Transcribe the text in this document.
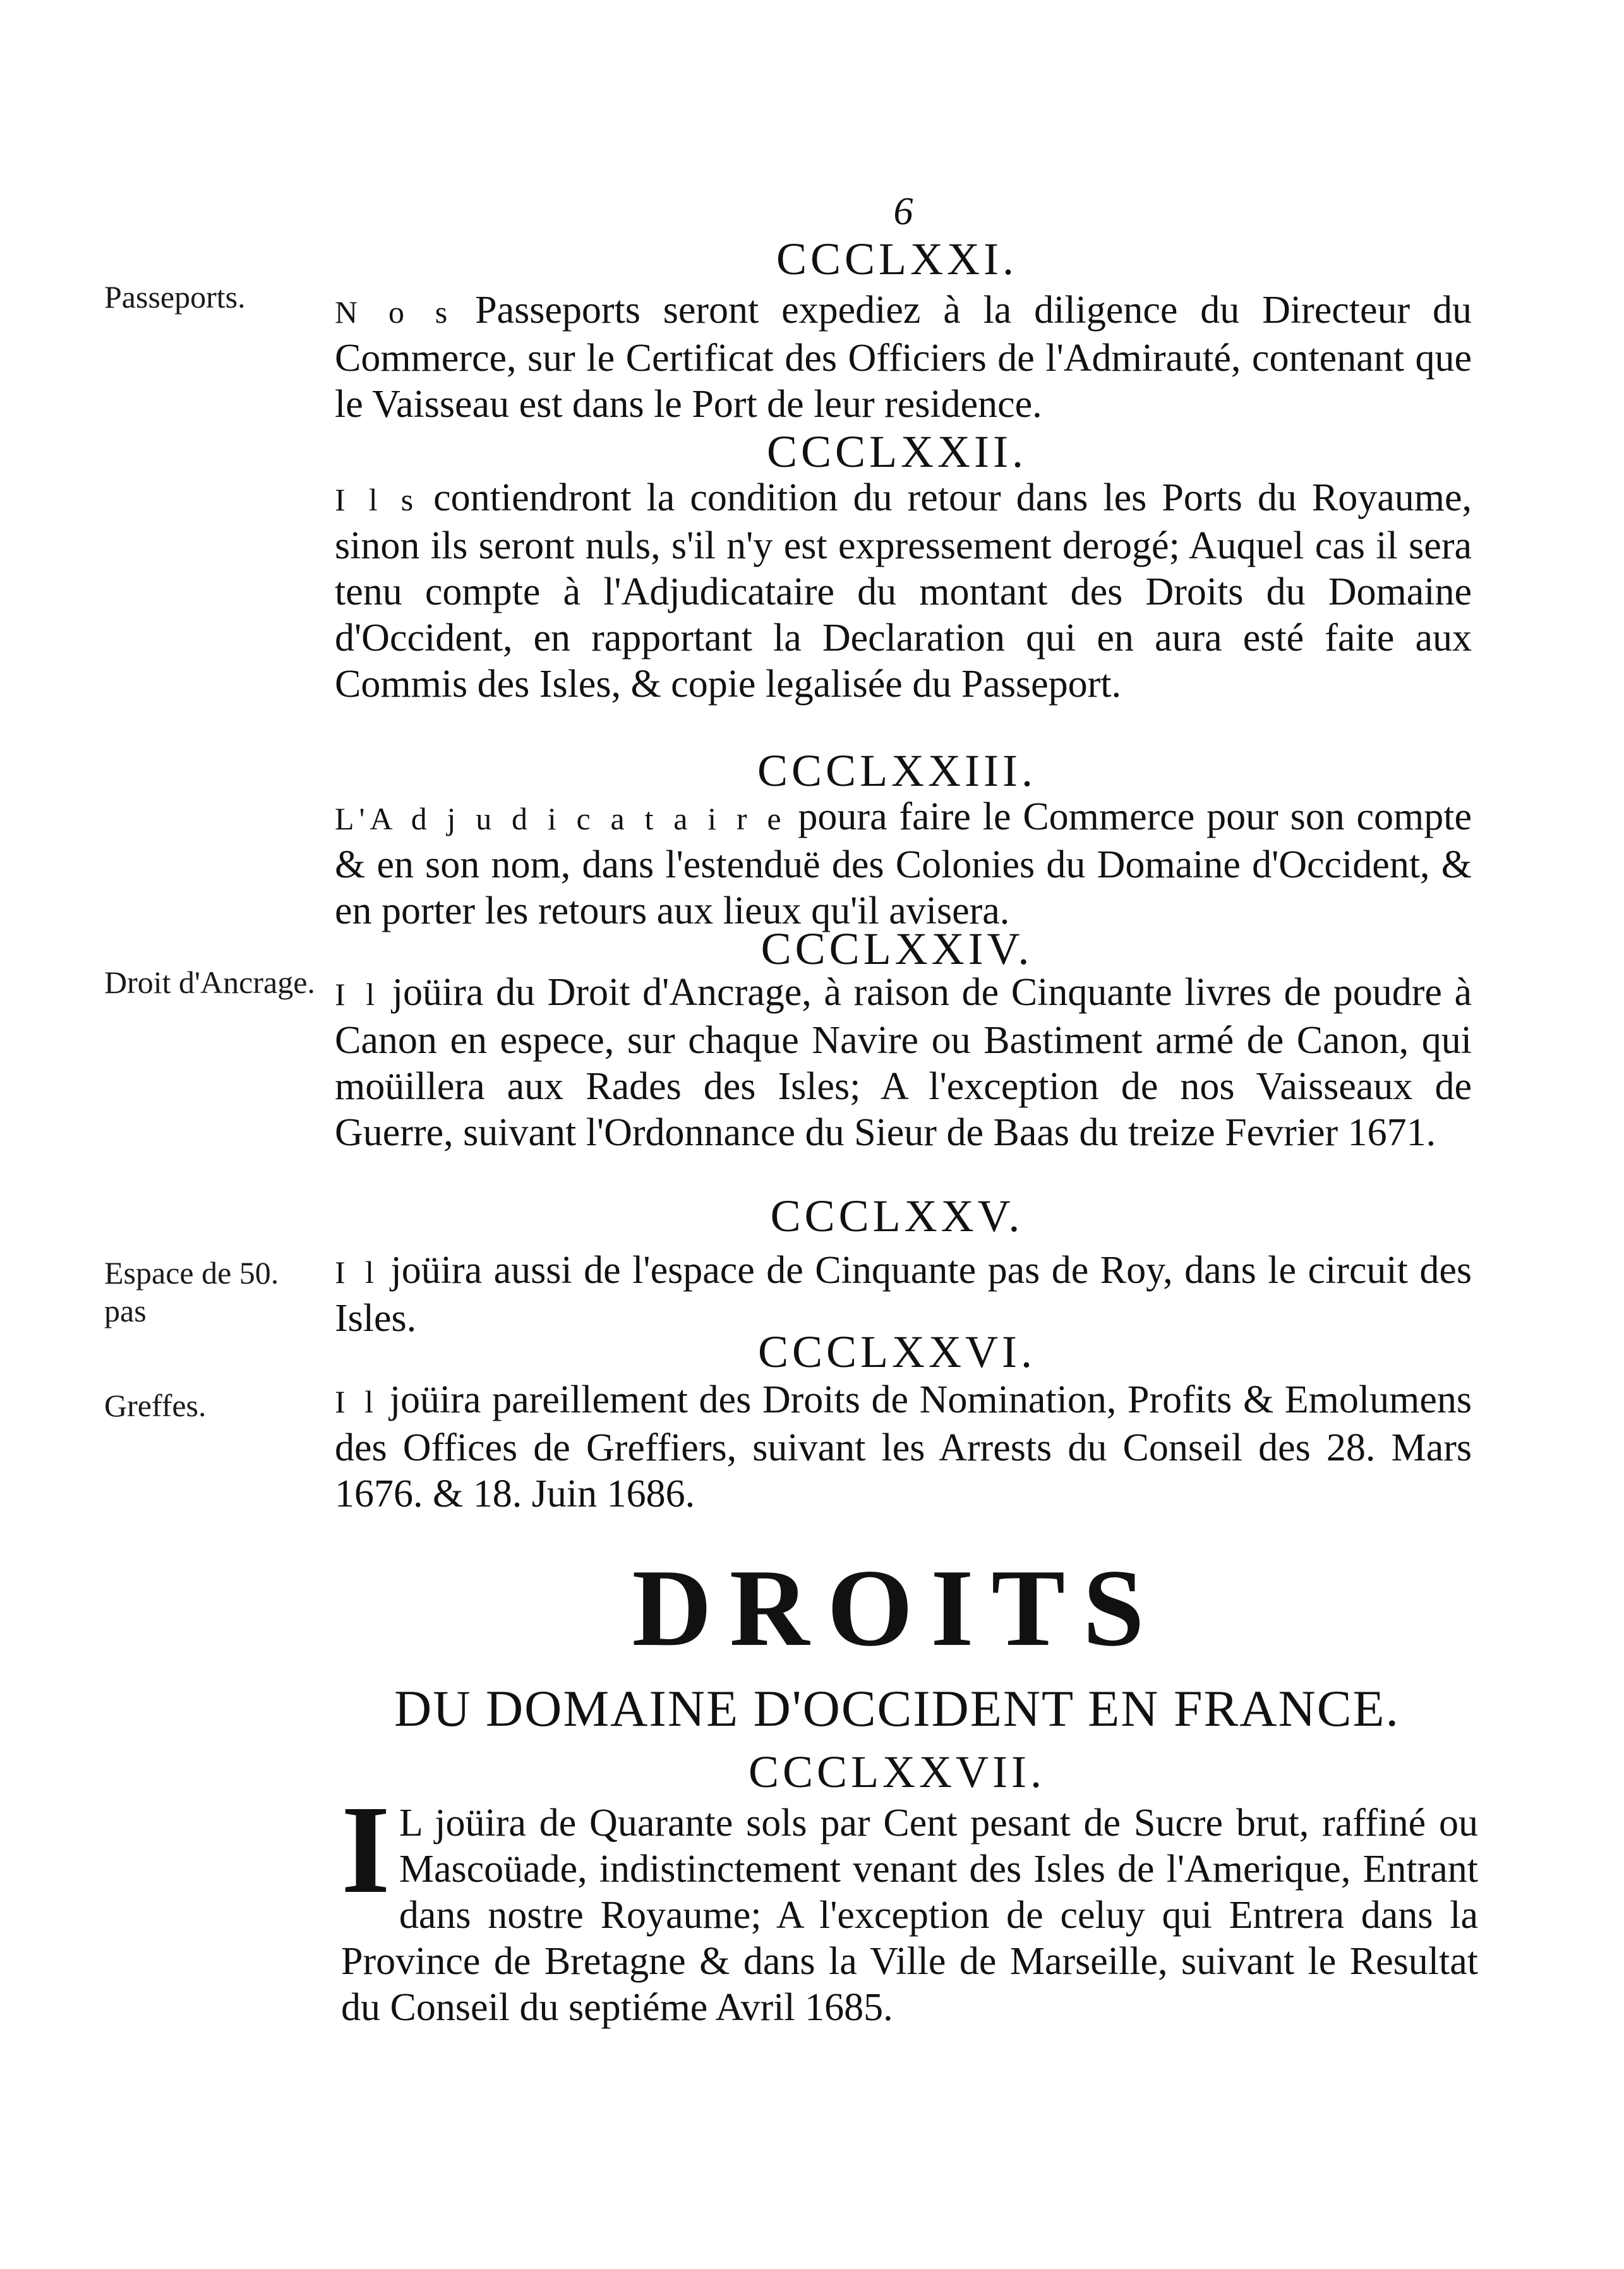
6
Passeports.
Droit d'Ancrage.
Espace de 50. pas
Greffes.
CCCLXXI.
N o s Passeports seront expediez à la diligence du Directeur du Commerce, sur le Certificat des Officiers de l'Admirauté, contenant que le Vaisseau est dans le Port de leur residence.
CCCLXXII.
I l s contiendront la condition du retour dans les Ports du Royaume, sinon ils seront nuls, s'il n'y est expressement derogé; Auquel cas il sera tenu compte à l'Adjudicataire du montant des Droits du Domaine d'Occident, en rapportant la Declaration qui en aura esté faite aux Commis des Isles, & copie legalisée du Passeport.
CCCLXXIII.
L'A d j u d i c a t a i r e poura faire le Commerce pour son compte & en son nom, dans l'estenduë des Colonies du Domaine d'Occident, & en porter les retours aux lieux qu'il avisera.
CCCLXXIV.
I l joüira du Droit d'Ancrage, à raison de Cinquante livres de poudre à Canon en espece, sur chaque Navire ou Bastiment armé de Canon, qui moüillera aux Rades des Isles; A l'exception de nos Vaisseaux de Guerre, suivant l'Ordonnance du Sieur de Baas du treize Fevrier 1671.
CCCLXXV.
I l joüira aussi de l'espace de Cinquante pas de Roy, dans le circuit des Isles.
CCCLXXVI.
I l joüira pareillement des Droits de Nomination, Profits & Emolumens des Offices de Greffiers, suivant les Arrests du Conseil des 28. Mars 1676. & 18. Juin 1686.
DROITS
DU DOMAINE D'OCCIDENT EN FRANCE.
CCCLXXVII.
I L joüira de Quarante sols par Cent pesant de Sucre brut, raffiné ou Mascoüade, indistinctement venant des Isles de l'Amerique, Entrant dans nostre Royaume; A l'exception de celuy qui Entrera dans la Province de Bretagne & dans la Ville de Marseille, suivant le Resultat du Conseil du septiéme Avril 1685.
